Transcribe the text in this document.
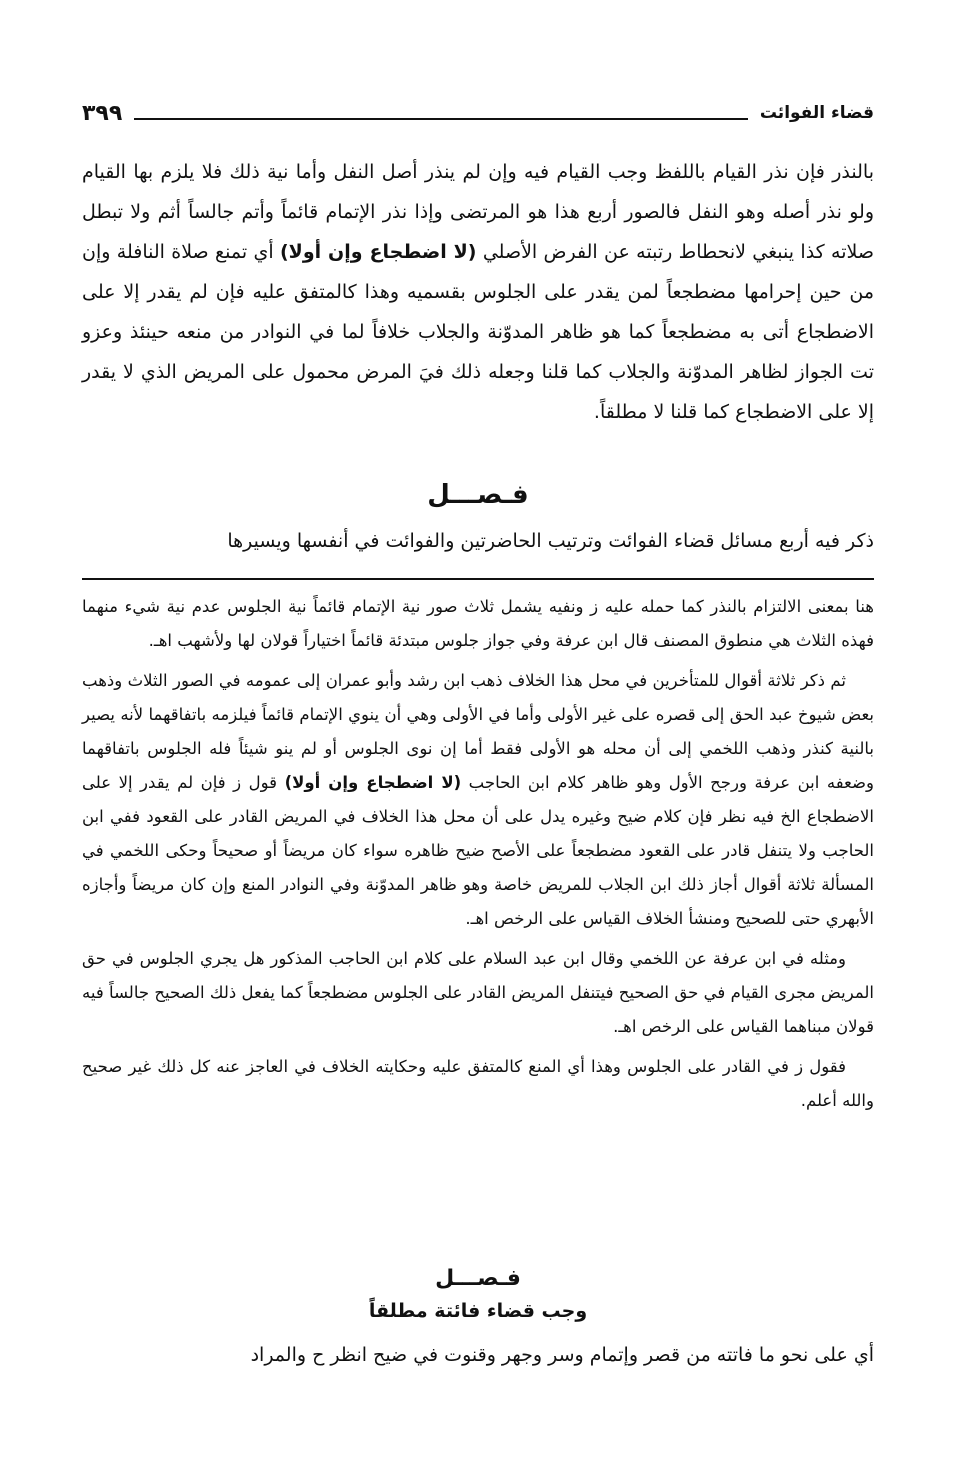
قضاء الفوائت
٣٩٩

بالنذر فإن نذر القيام باللفظ وجب القيام فيه وإن لم ينذر أصل النفل وأما نية ذلك فلا يلزم بها القيام ولو نذر أصله وهو النفل فالصور أربع هذا هو المرتضى وإذا نذر الإتمام قائماً وأتم جالساً أثم ولا تبطل صلاته كذا ينبغي لانحطاط رتبته عن الفرض الأصلي (لا اضطجاع وإن أولا) أي تمنع صلاة النافلة وإن من حين إحرامها مضطجعاً لمن يقدر على الجلوس بقسميه وهذا كالمتفق عليه فإن لم يقدر إلا على الاضطجاع أتى به مضطجعاً كما هو ظاهر المدوّنة والجلاب خلافاً لما في النوادر من منعه حينئذ وعزو تت الجواز لظاهر المدوّنة والجلاب كما قلنا وجعله ذلك فيَ المرض محمول على المريض الذي لا يقدر إلا على الاضطجاع كما قلنا لا مطلقاً.

فـصـــل
ذكر فيه أربع مسائل قضاء الفوائت وترتيب الحاضرتين والفوائت في أنفسها ويسيرها

هنا بمعنى الالتزام بالنذر كما حمله عليه ز ونفيه يشمل ثلاث صور نية الإتمام قائماً نية الجلوس عدم نية شيء منهما فهذه الثلاث هي منطوق المصنف قال ابن عرفة وفي جواز جلوس مبتدئة قائماً اختياراً قولان لها ولأشهب اهـ.

ثم ذكر ثلاثة أقوال للمتأخرين في محل هذا الخلاف ذهب ابن رشد وأبو عمران إلى عمومه في الصور الثلاث وذهب بعض شيوخ عبد الحق إلى قصره على غير الأولى وأما في الأولى وهي أن ينوي الإتمام قائماً فيلزمه باتفاقهما لأنه يصير بالنية كنذر وذهب اللخمي إلى أن محله هو الأولى فقط أما إن نوى الجلوس أو لم ينو شيئاً فله الجلوس باتفاقهما وضعفه ابن عرفة ورجح الأول وهو ظاهر كلام ابن الحاجب (لا اضطجاع وإن أولا) قول ز فإن لم يقدر إلا على الاضطجاع الخ فيه نظر فإن كلام ضيح وغيره يدل على أن محل هذا الخلاف في المريض القادر على القعود ففي ابن الحاجب ولا يتنفل قادر على القعود مضطجعاً على الأصح ضيح ظاهره سواء كان مريضاً أو صحيحاً وحكى اللخمي في المسألة ثلاثة أقوال أجاز ذلك ابن الجلاب للمريض خاصة وهو ظاهر المدوّنة وفي النوادر المنع وإن كان مريضاً وأجازه الأبهري حتى للصحيح ومنشأ الخلاف القياس على الرخص اهـ.

ومثله في ابن عرفة عن اللخمي وقال ابن عبد السلام على كلام ابن الحاجب المذكور هل يجري الجلوس في حق المريض مجرى القيام في حق الصحيح فيتنفل المريض القادر على الجلوس مضطجعاً كما يفعل ذلك الصحيح جالساً فيه قولان مبناهما القياس على الرخص اهـ.

فقول ز في القادر على الجلوس وهذا أي المنع كالمتفق عليه وحكايته الخلاف في العاجز عنه كل ذلك غير صحيح والله أعلم.

فـصـــل
وجب قضاء فائتة مطلقاً
أي على نحو ما فاتته من قصر وإتمام وسر وجهر وقنوت في ضيح انظر ح والمراد
